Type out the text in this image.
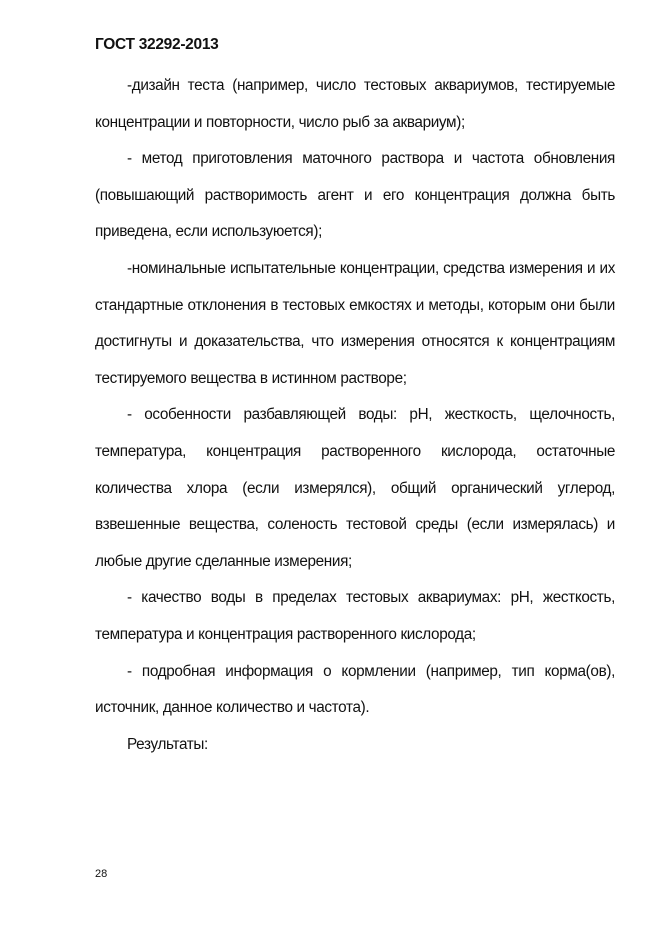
ГОСТ 32292-2013

-дизайн теста (например, число тестовых аквариумов, тестируемые концентрации и повторности, число рыб за аквариум);

- метод приготовления маточного раствора и частота обновления (повышающий растворимость агент и его концентрация должна быть приведена, если используюется);

-номинальные испытательные концентрации, средства измерения и их стандартные отклонения в тестовых емкостях и методы, которым они были достигнуты и доказательства, что измерения относятся к концентрациям тестируемого вещества в истинном растворе;

- особенности разбавляющей воды: pH, жесткость, щелочность, температура, концентрация растворенного кислорода, остаточные количества хлора (если измерялся), общий органический углерод, взвешенные вещества, соленость тестовой среды (если измерялась) и любые другие сделанные измерения;

- качество воды в пределах тестовых аквариумах: pH, жесткость, температура и концентрация растворенного кислорода;

- подробная информация о кормлении (например, тип корма(ов), источник, данное количество и частота).

Результаты:

28
